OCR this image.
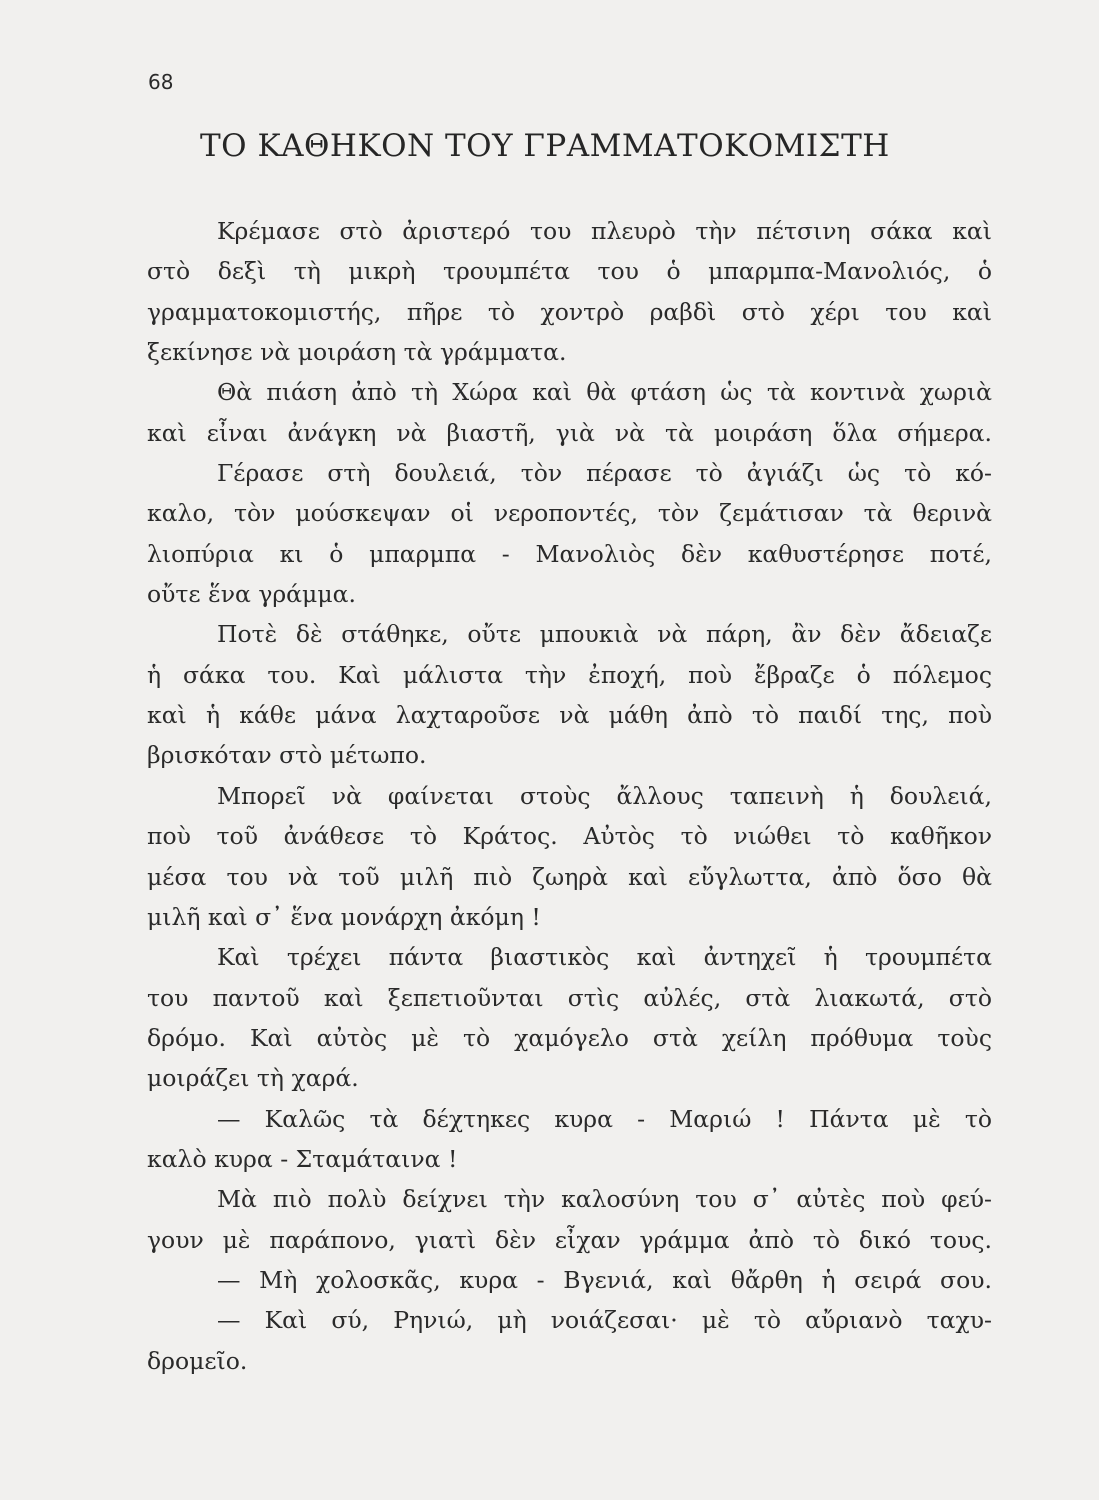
68
ΤΟ ΚΑΘΗΚΟΝ ΤΟΥ ΓΡΑΜΜΑΤΟΚΟΜΙΣΤΗ
Κρέμασε στὸ ἀριστερό του πλευρὸ τὴν πέτσινη σάκα καὶ
στὸ δεξὶ τὴ μικρὴ τρουμπέτα του ὁ μπαρμπα-Μανολιός, ὁ
γραμματοκομιστής, πῆρε τὸ χοντρὸ ραβδὶ στὸ χέρι του καὶ
ξεκίνησε νὰ μοιράση τὰ γράμματα.
Θὰ πιάση ἀπὸ τὴ Χώρα καὶ θὰ φτάση ὡς τὰ κοντινὰ χωριὰ
καὶ εἶναι ἀνάγκη νὰ βιαστῆ, γιὰ νὰ τὰ μοιράση ὅλα σήμερα.
Γέρασε στὴ δουλειά, τὸν πέρασε τὸ ἀγιάζι ὡς τὸ κό-
καλο, τὸν μούσκεψαν οἱ νεροποντές, τὸν ζεμάτισαν τὰ θερινὰ
λιοπύρια κι ὁ μπαρμπα - Μανολιὸς δὲν καθυστέρησε ποτέ,
οὔτε ἕνα γράμμα.
Ποτὲ δὲ στάθηκε, οὔτε μπουκιὰ νὰ πάρη, ἂν δὲν ἄδειαζε
ἡ σάκα του. Καὶ μάλιστα τὴν ἐποχή, ποὺ ἔβραζε ὁ πόλεμος
καὶ ἡ κάθε μάνα λαχταροῦσε νὰ μάθη ἀπὸ τὸ παιδί της, ποὺ
βρισκόταν στὸ μέτωπο.
Μπορεῖ νὰ φαίνεται στοὺς ἄλλους ταπεινὴ ἡ δουλειά,
ποὺ τοῦ ἀνάθεσε τὸ Κράτος. Αὐτὸς τὸ νιώθει τὸ καθῆκον
μέσα του νὰ τοῦ μιλῆ πιὸ ζωηρὰ καὶ εὔγλωττα, ἀπὸ ὅσο θὰ
μιλῆ καὶ σ᾽ ἕνα μονάρχη ἀκόμη !
Καὶ τρέχει πάντα βιαστικὸς καὶ ἀντηχεῖ ἡ τρουμπέτα
του παντοῦ καὶ ξεπετιοῦνται στὶς αὐλές, στὰ λιακωτά, στὸ
δρόμο. Καὶ αὐτὸς μὲ τὸ χαμόγελο στὰ χείλη πρόθυμα τοὺς
μοιράζει τὴ χαρά.
— Καλῶς τὰ δέχτηκες κυρα - Μαριώ ! Πάντα μὲ τὸ
καλὸ κυρα - Σταμάταινα !
Μὰ πιὸ πολὺ δείχνει τὴν καλοσύνη του σ᾽ αὐτὲς ποὺ φεύ-
γουν μὲ παράπονο, γιατὶ δὲν εἶχαν γράμμα ἀπὸ τὸ δικό τους.
— Μὴ χολοσκᾶς, κυρα - Βγενιά, καὶ θἄρθη ἡ σειρά σου.
— Καὶ σύ, Ρηνιώ, μὴ νοιάζεσαι· μὲ τὸ αὔριανὸ ταχυ-
δρομεῖο.
